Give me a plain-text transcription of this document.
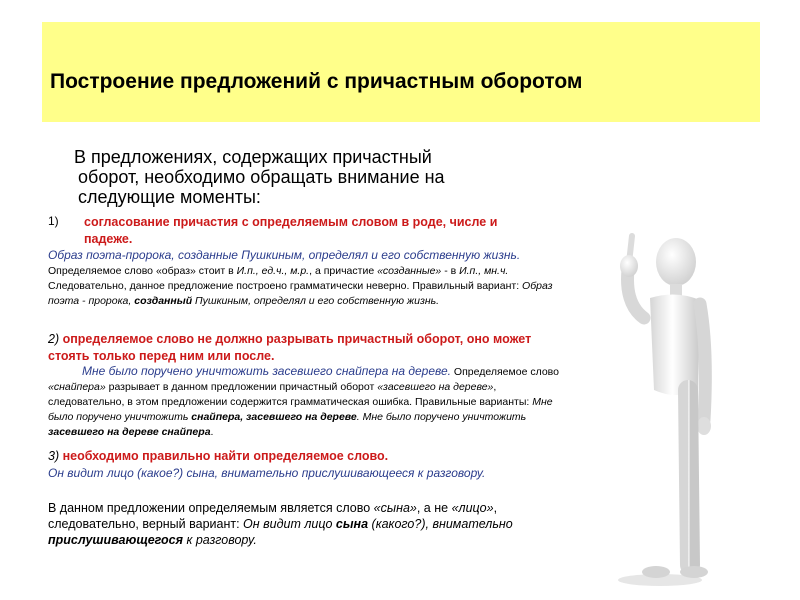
Построение предложений с причастным оборотом
В предложениях, содержащих причастный
оборот, необходимо обращать внимание на
следующие моменты:
1) согласование причастия с определяемым словом в роде, числе и падеже.
Образ поэта-пророка, созданные Пушкиным, определял и его собственную жизнь. Определяемое слово «образ» стоит в И.п., ед.ч., м.р., а причастие «созданные» - в И.п., мн.ч. Следовательно, данное предложение построено грамматически неверно. Правильный вариант: Образ поэта - пророка, созданный Пушкиным, определял и его собственную жизнь.
2) определяемое слово не должно разрывать причастный оборот, оно может стоять только перед ним или после.
Мне было поручено уничтожить засевшего снайпера на дереве. Определяемое слово «снайпера» разрывает в данном предложении причастный оборот «засевшего на дереве», следовательно, в этом предложении содержится грамматическая ошибка. Правильные варианты: Мне было поручено уничтожить снайпера, засевшего на дереве. Мне было поручено уничтожить засевшего на дереве снайпера.
3) необходимо правильно найти определяемое слово.
Он видит лицо (какое?) сына, внимательно прислушивающееся к разговору.
В данном предложении определяемым является слово «сына», а не «лицо», следовательно, верный вариант: Он видит лицо сына (какого?), внимательно прислушивающегося к разговору.
